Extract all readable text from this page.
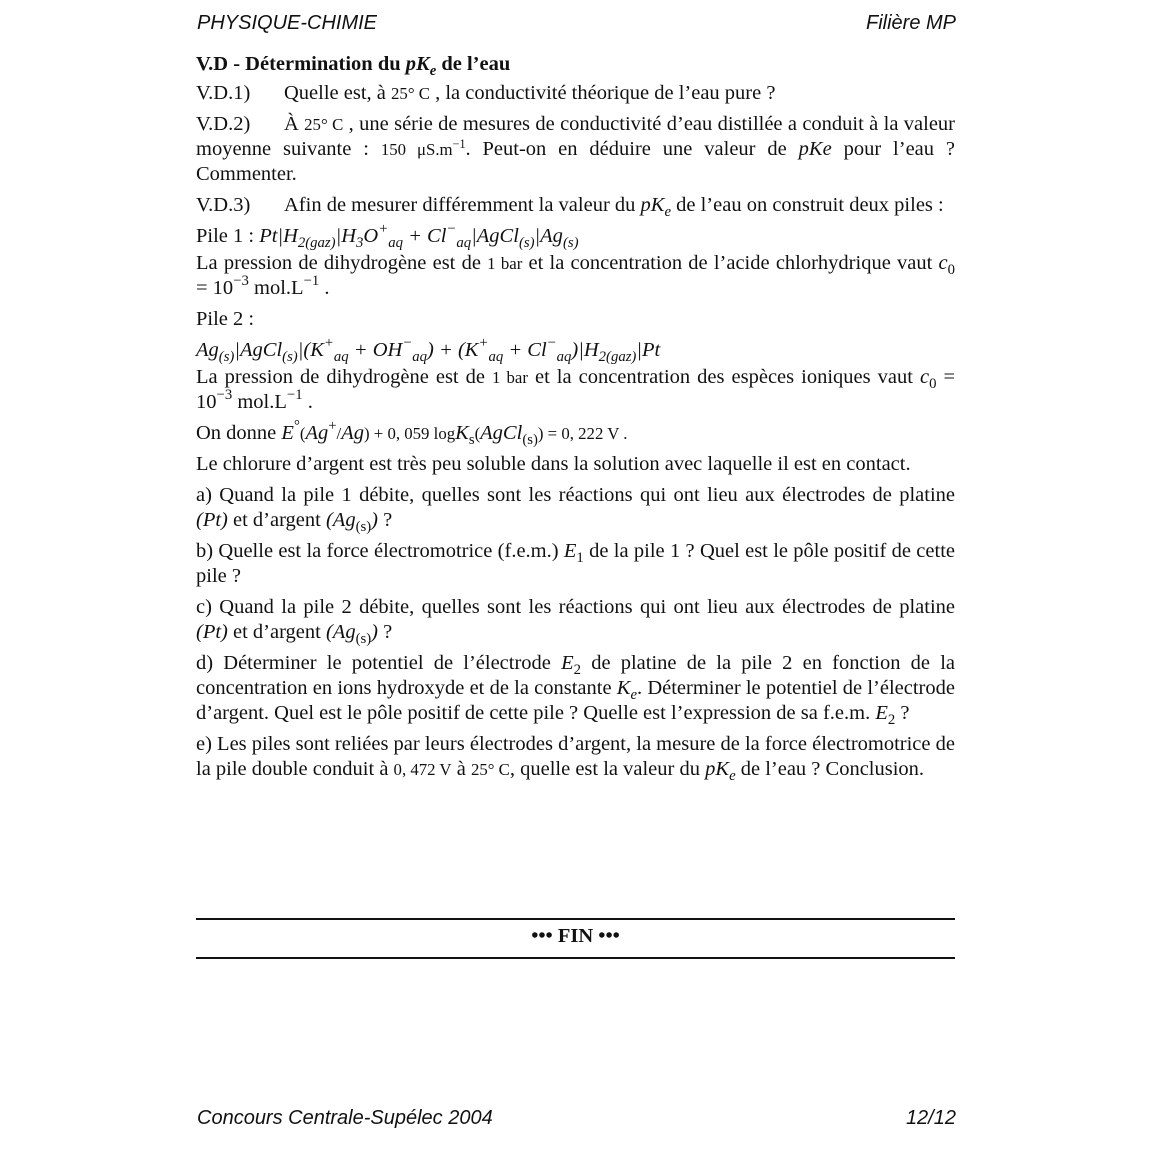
PHYSIQUE-CHIMIE	Filière MP

V.D - Détermination du $pK_e$ de l’eau

V.D.1) Quelle est, à 25° C , la conductivité théorique de l’eau pure ?

V.D.2) À 25° C , une série de mesures de conductivité d’eau distillée a conduit à la valeur moyenne suivante : 150 $\mu S.m^{-1}$. Peut-on en déduire une valeur de pKe pour l’eau ? Commenter.

V.D.3) Afin de mesurer différemment la valeur du $pK_e$ de l’eau on construit deux piles :

Pile 1 : $Pt|H_{2(gaz)}|H_3O^+_{aq}$ + $Cl^-_{aq}|AgCl_{(s)}|Ag_{(s)}$

La pression de dihydrogène est de 1 bar et la concentration de l’acide chlorhydrique vaut $c_0 = 10^{-3}$ $mol.L^{-1}$ .

Pile 2 :

$Ag_{(s)}|AgCl_{(s)}|(K^+_{aq} + OH^-_{aq}) + (K^+_{aq} + Cl^-_{aq})|H_{2(gaz)}|Pt$

La pression de dihydrogène est de 1 bar et la concentration des espèces ioniques vaut $c_0 = 10^{-3}$ $mol.L^{-1}$ .

On donne E°(Ag+/Ag) + 0, 059 logK$_s$(AgCl$_{(s)}$) = 0, 222 V .

Le chlorure d’argent est très peu soluble dans la solution avec laquelle il est en contact.

a) Quand la pile 1 débite, quelles sont les réactions qui ont lieu aux électrodes de platine (Pt) et d’argent $(Ag_{(s)})$ ?

b) Quelle est la force électromotrice (f.e.m.) $E_1$ de la pile 1 ? Quel est le pôle positif de cette pile ?

c) Quand la pile 2 débite, quelles sont les réactions qui ont lieu aux électrodes de platine (Pt) et d’argent $(Ag_{(s)})$ ?

d) Déterminer le potentiel de l’électrode $E_2$ de platine de la pile 2 en fonction de la concentration en ions hydroxyde et de la constante $K_e$. Déterminer le potentiel de l’électrode d’argent. Quel est le pôle positif de cette pile ? Quelle est l’expression de sa f.e.m. $E_2$ ?

e) Les piles sont reliées par leurs électrodes d’argent, la mesure de la force électromotrice de la pile double conduit à 0, 472 V à 25° C, quelle est la valeur du $pK_e$ de l’eau ? Conclusion.

••• FIN •••
Concours Centrale-Supélec 2004	12/12
